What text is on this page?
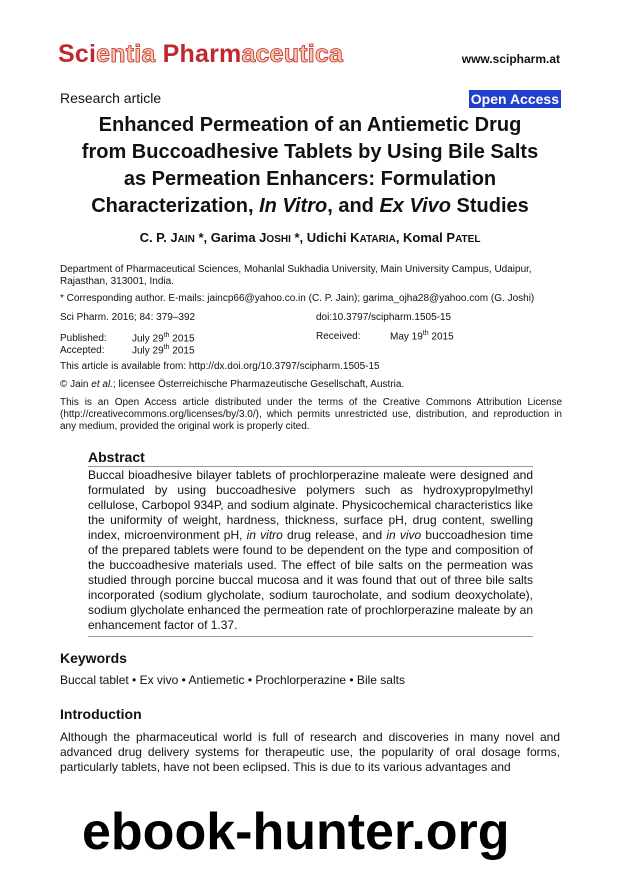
Scientia Pharmaceutica	www.scipharm.at
Research article	Open Access
Enhanced Permeation of an Antiemetic Drug
from Buccoadhesive Tablets by Using Bile Salts
as Permeation Enhancers: Formulation
Characterization, In Vitro, and Ex Vivo Studies
C. P. JAIN *, Garima JOSHI *, Udichi KATARIA, Komal PATEL
Department of Pharmaceutical Sciences, Mohanlal Sukhadia University, Main University Campus, Udaipur, Rajasthan, 313001, India.
* Corresponding author. E-mails: jaincp66@yahoo.co.in (C. P. Jain); garima_ojha28@yahoo.com (G. Joshi)
Sci Pharm. 2016; 84: 379–392	doi:10.3797/scipharm.1505-15
Published:	July 29th 2015	Received:	May 19th 2015
Accepted:	July 29th 2015
This article is available from: http://dx.doi.org/10.3797/scipharm.1505-15
© Jain et al.; licensee Österreichische Pharmazeutische Gesellschaft, Austria.
This is an Open Access article distributed under the terms of the Creative Commons Attribution License (http://creativecommons.org/licenses/by/3.0/), which permits unrestricted use, distribution, and reproduction in any medium, provided the original work is properly cited.
Abstract
Buccal bioadhesive bilayer tablets of prochlorperazine maleate were designed and formulated by using buccoadhesive polymers such as hydroxypropylmethyl cellulose, Carbopol 934P, and sodium alginate. Physicochemical characteristics like the uniformity of weight, hardness, thickness, surface pH, drug content, swelling index, microenvironment pH, in vitro drug release, and in vivo buccoadhesion time of the prepared tablets were found to be dependent on the type and composition of the buccoadhesive materials used. The effect of bile salts on the permeation was studied through porcine buccal mucosa and it was found that out of three bile salts incorporated (sodium glycholate, sodium taurocholate, and sodium deoxycholate), sodium glycholate enhanced the permeation rate of prochlorperazine maleate by an enhancement factor of 1.37.
Keywords
Buccal tablet • Ex vivo • Antiemetic • Prochlorperazine • Bile salts
Introduction
Although the pharmaceutical world is full of research and discoveries in many novel and advanced drug delivery systems for therapeutic use, the popularity of oral dosage forms, particularly tablets, have not been eclipsed. This is due to its various advantages and
ebook-hunter.org
